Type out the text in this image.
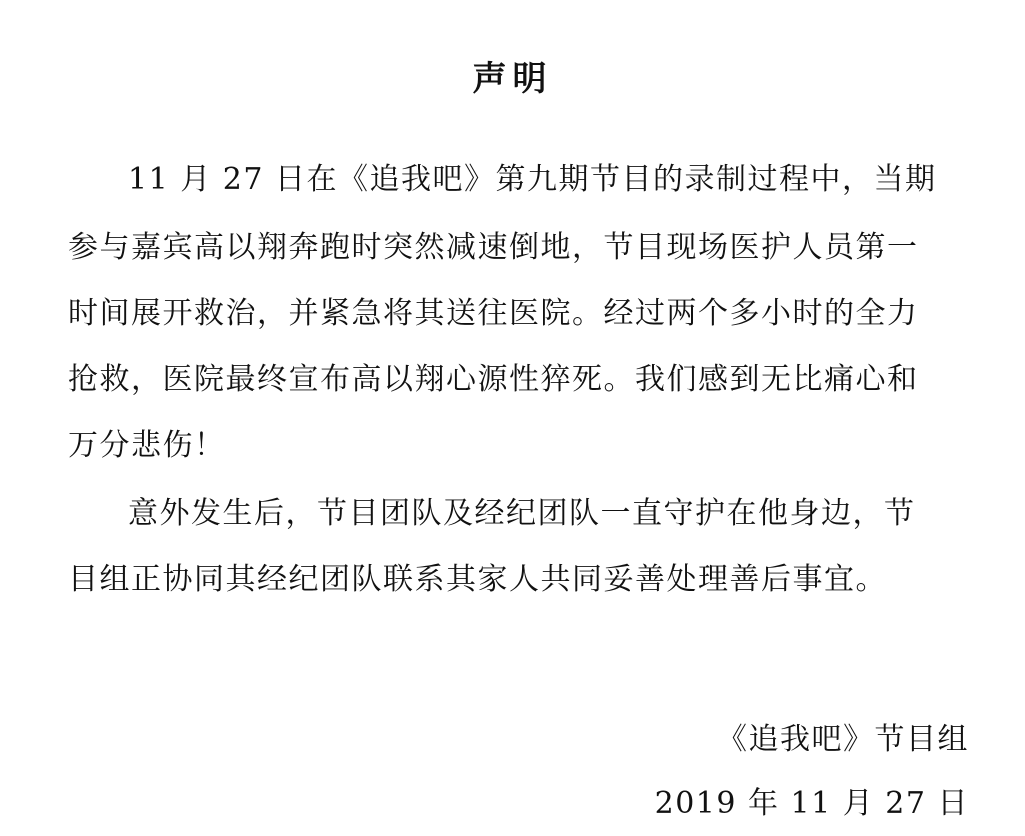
声明
11 月 27 日在《追我吧》第九期节目的录制过程中，当期
参与嘉宾高以翔奔跑时突然减速倒地，节目现场医护人员第一
时间展开救治，并紧急将其送往医院。经过两个多小时的全力
抢救，医院最终宣布高以翔心源性猝死。我们感到无比痛心和
万分悲伤！
意外发生后，节目团队及经纪团队一直守护在他身边，节
目组正协同其经纪团队联系其家人共同妥善处理善后事宜。
《追我吧》节目组
2019 年 11 月 27 日
